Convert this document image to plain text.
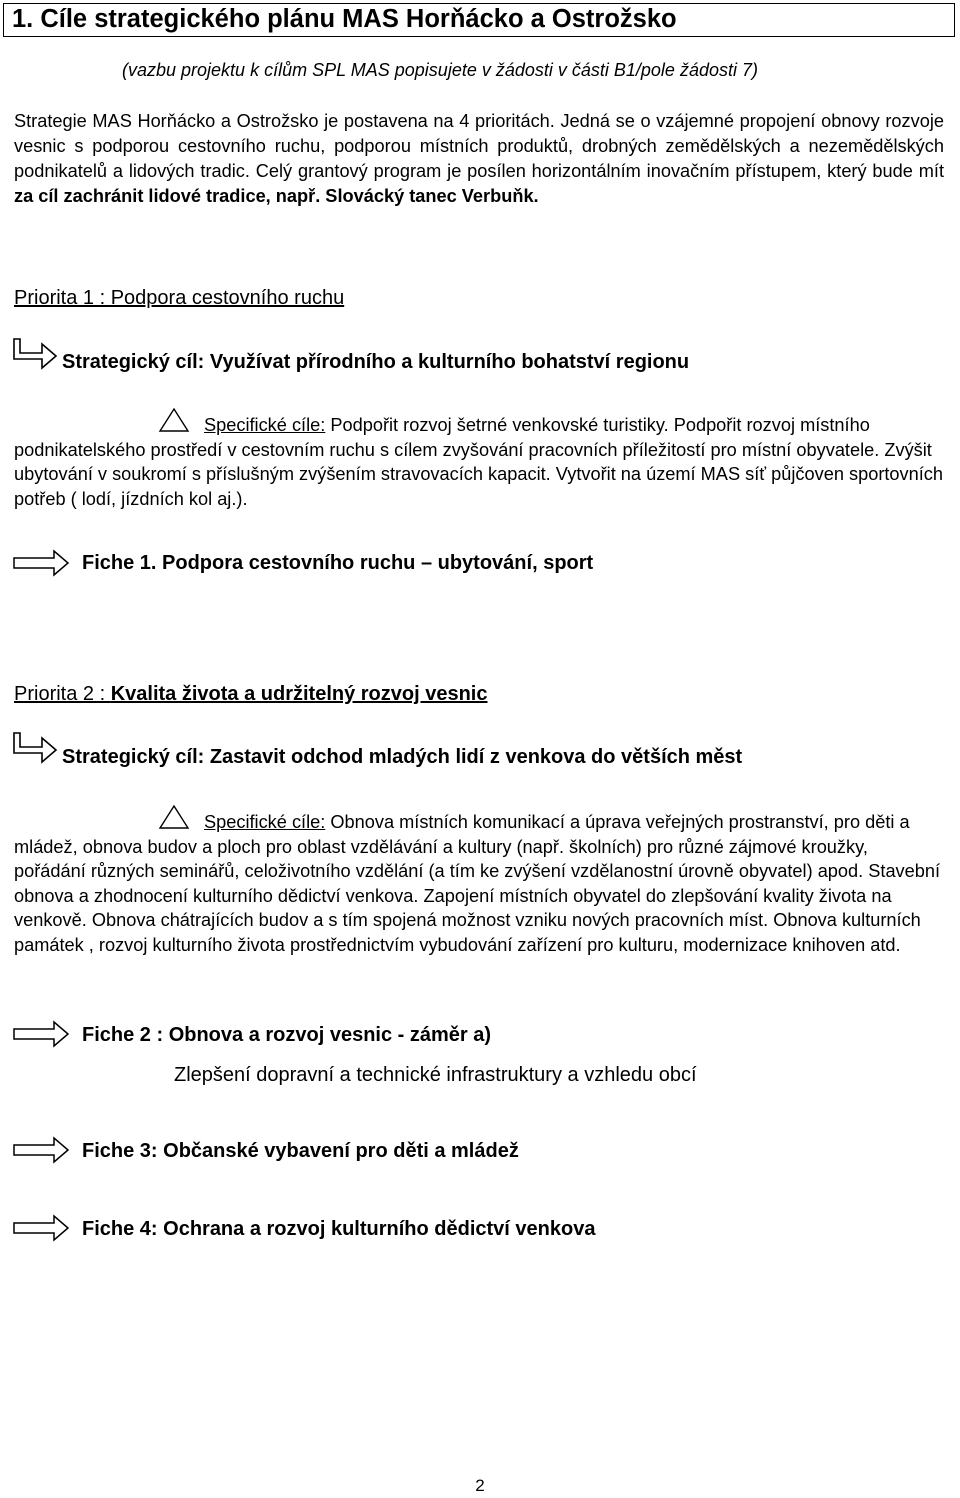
1. Cíle strategického plánu MAS Horňácko a Ostrožsko
(vazbu projektu k cílům SPL MAS popisujete v žádosti v části B1/pole žádosti 7)

Strategie MAS Horňácko a Ostrožsko je postavena na 4 prioritách. Jedná se o vzájemné propojení obnovy rozvoje vesnic s podporou cestovního ruchu, podporou místních produktů, drobných zemědělských a nezemědělských podnikatelů a lidových tradic. Celý grantový program je posílen horizontálním inovačním přístupem, který bude mít za cíl zachránit lidové tradice, např. Slovácký tanec Verbuňk.

Priorita 1 : Podpora cestovního ruchu
Strategický cíl: Využívat přírodního a kulturního bohatství regionu

Specifické cíle: Podpořit rozvoj šetrné venkovské turistiky. Podpořit rozvoj místního podnikatelského prostředí v cestovním ruchu s cílem zvyšování pracovních příležitostí pro místní obyvatele. Zvýšit ubytování v soukromí s příslušným zvýšením stravovacích kapacit. Vytvořit na území MAS síť půjčoven sportovních potřeb ( lodí, jízdních kol aj.).

Fiche 1. Podpora cestovního ruchu – ubytování, sport
Priorita 2 : Kvalita života a udržitelný rozvoj vesnic
Strategický cíl: Zastavit odchod mladých lidí z venkova do větších měst

Specifické cíle: Obnova místních komunikací a úprava veřejných prostranství, pro děti a mládež, obnova budov a ploch pro oblast vzdělávání a kultury (např. školních) pro různé zájmové kroužky, pořádání různých seminářů, celoživotního vzdělání (a tím ke zvýšení vzdělanostní úrovně obyvatel) apod. Stavební obnova a zhodnocení kulturního dědictví venkova. Zapojení místních obyvatel do zlepšování kvality života na venkově. Obnova chátrajících budov a s tím spojená možnost vzniku nových pracovních míst. Obnova kulturních památek , rozvoj kulturního života prostřednictvím vybudování zařízení pro kulturu, modernizace knihoven atd.

Fiche 2 : Obnova a rozvoj vesnic - záměr a)
Zlepšení dopravní a technické infrastruktury a vzhledu obcí
Fiche 3: Občanské vybavení pro děti a mládež
Fiche 4: Ochrana a rozvoj kulturního dědictví venkova
2
